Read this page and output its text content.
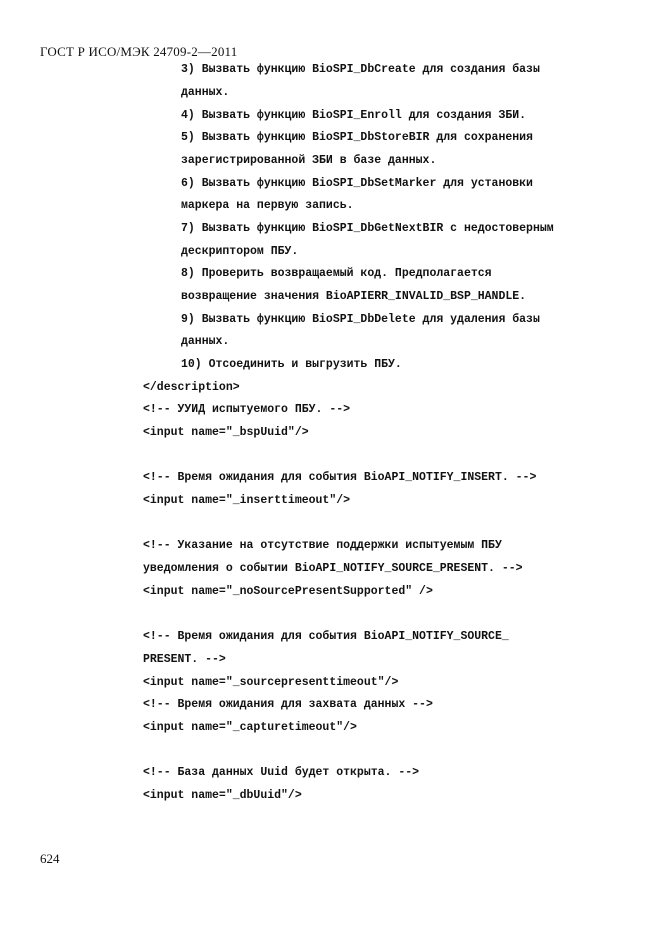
ГОСТ Р ИСО/МЭК 24709-2—2011
3) Вызвать функцию BioSPI_DbCreate для создания базы
данных.
4) Вызвать функцию BioSPI_Enroll для создания ЗБИ.
5) Вызвать функцию BioSPI_DbStoreBIR для сохранения
зарегистрированной ЗБИ в базе данных.
6) Вызвать функцию BioSPI_DbSetMarker для установки
маркера на первую запись.
7) Вызвать функцию BioSPI_DbGetNextBIR с недостоверным
дескриптором ПБУ.
8) Проверить возвращаемый код. Предполагается
возвращение значения BioAPIERR_INVALID_BSP_HANDLE.
9) Вызвать функцию BioSPI_DbDelete для удаления базы
данных.
10) Отсоединить и выгрузить ПБУ.
</description>
<!-- УУИД испытуемого ПБУ. -->
<input name="_bspUuid"/>
<!-- Время ожидания для события BioAPI_NOTIFY_INSERT. -->
<input name="_inserttimeout"/>
<!-- Указание на отсутствие поддержки испытуемым ПБУ
уведомления о событии BioAPI_NOTIFY_SOURCE_PRESENT. -->
<input name="_noSourcePresentSupported" />
<!-- Время ожидания для события BioAPI_NOTIFY_SOURCE_
PRESENT. -->
<input name="_sourcepresenttimeout"/>
<!-- Время ожидания для захвата данных -->
<input name="_capturetimeout"/>
<!-- База данных Uuid будет открыта. -->
<input name="_dbUuid"/>
624
